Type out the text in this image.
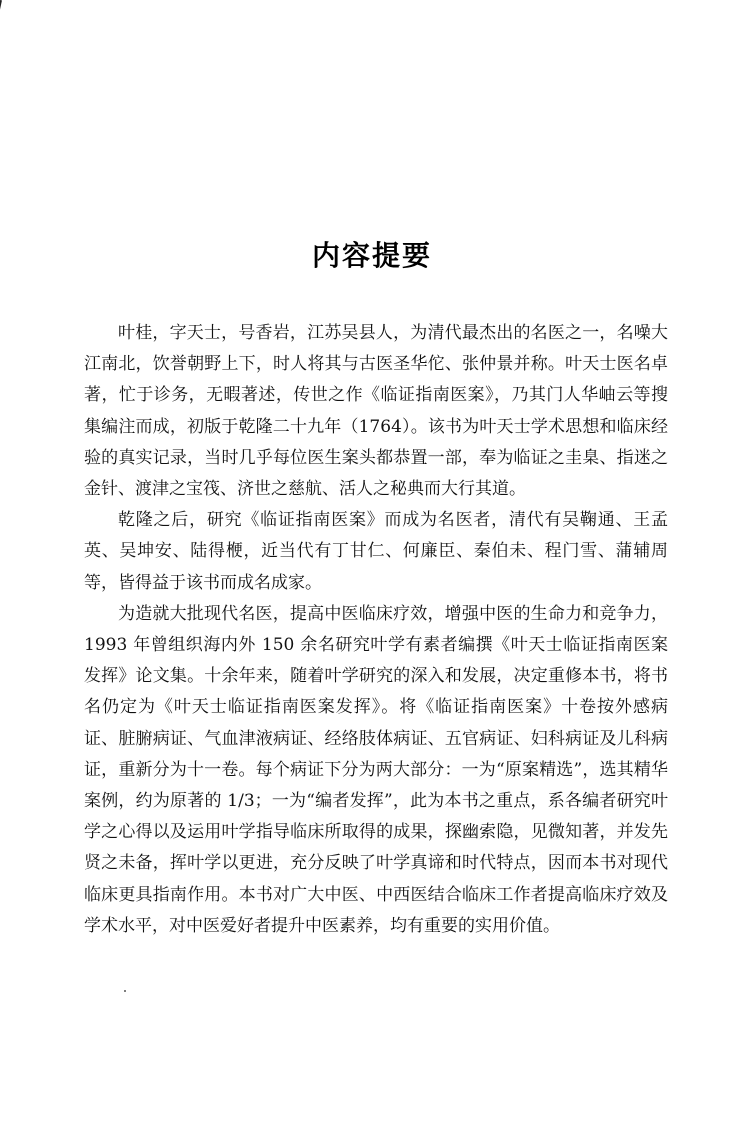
内容提要

叶桂，字天士，号香岩，江苏吴县人，为清代最杰出的名医之一，名噪大江南北，饮誉朝野上下，时人将其与古医圣华佗、张仲景并称。叶天士医名卓著，忙于诊务，无暇著述，传世之作《临证指南医案》，乃其门人华岫云等搜集编注而成，初版于乾隆二十九年（1764）。该书为叶天士学术思想和临床经验的真实记录，当时几乎每位医生案头都恭置一部，奉为临证之圭臬、指迷之金针、渡津之宝筏、济世之慈航、活人之秘典而大行其道。

乾隆之后，研究《临证指南医案》而成为名医者，清代有吴鞠通、王孟英、吴坤安、陆得楩，近当代有丁甘仁、何廉臣、秦伯未、程门雪、蒲辅周等，皆得益于该书而成名成家。

为造就大批现代名医，提高中医临床疗效，增强中医的生命力和竞争力，1993 年曾组织海内外 150 余名研究叶学有素者编撰《叶天士临证指南医案发挥》论文集。十余年来，随着叶学研究的深入和发展，决定重修本书，将书名仍定为《叶天士临证指南医案发挥》。将《临证指南医案》十卷按外感病证、脏腑病证、气血津液病证、经络肢体病证、五官病证、妇科病证及儿科病证，重新分为十一卷。每个病证下分为两大部分：一为“原案精选”，选其精华案例，约为原著的 1/3；一为“编者发挥”，此为本书之重点，系各编者研究叶学之心得以及运用叶学指导临床所取得的成果，探幽索隐，见微知著，并发先贤之未备，挥叶学以更进，充分反映了叶学真谛和时代特点，因而本书对现代临床更具指南作用。本书对广大中医、中西医结合临床工作者提高临床疗效及学术水平，对中医爱好者提升中医素养，均有重要的实用价值。
